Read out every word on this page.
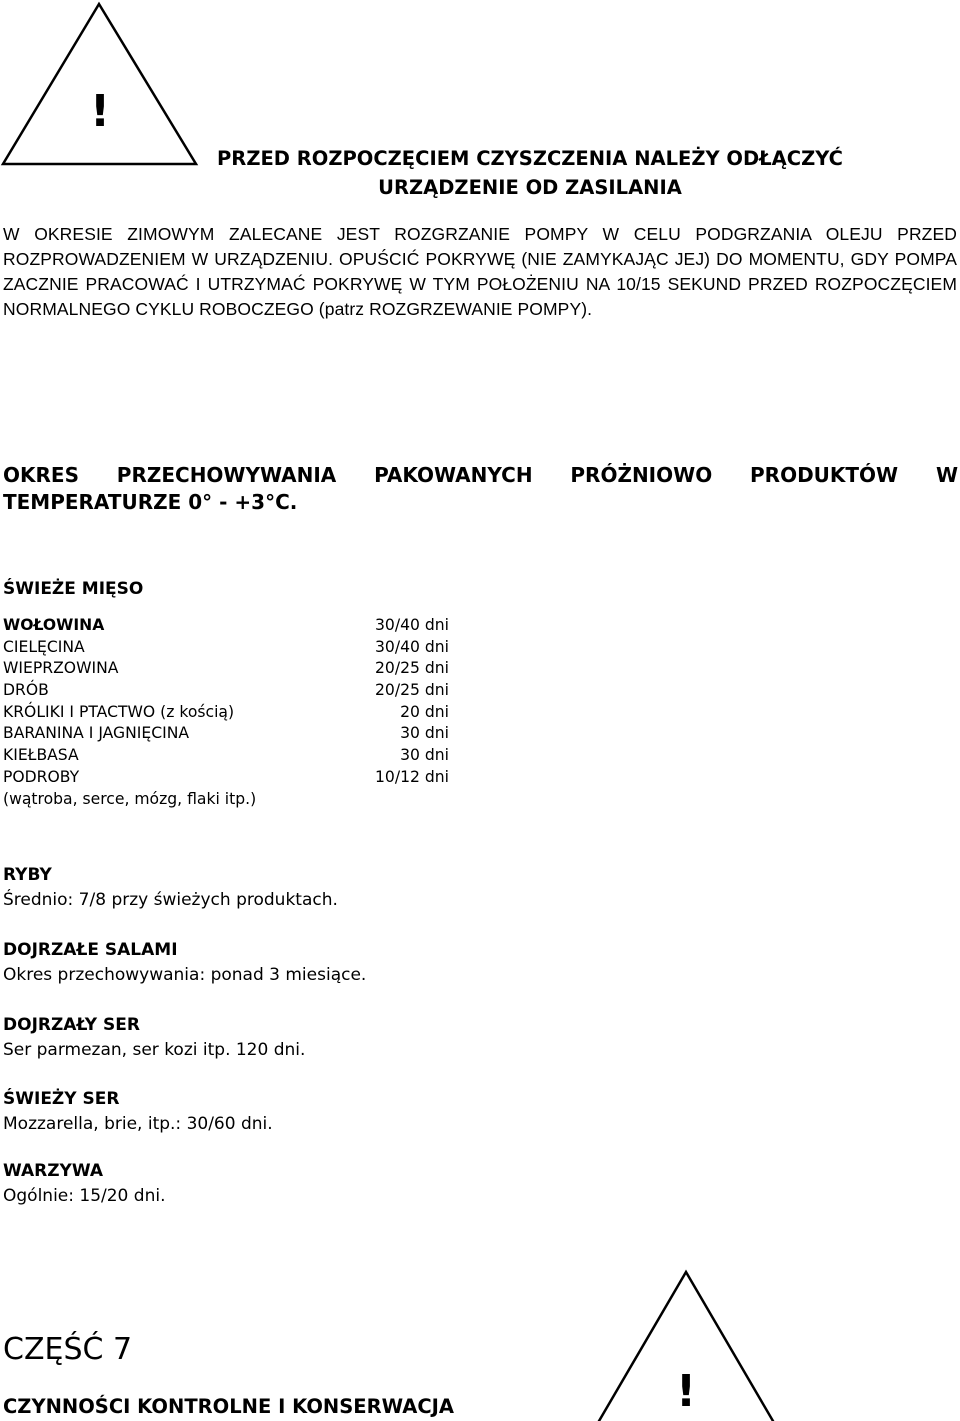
!
PRZED ROZPOCZĘCIEM CZYSZCZENIA NALEŻY ODŁĄCZYĆ
URZĄDZENIE OD ZASILANIA
W OKRESIE ZIMOWYM ZALECANE JEST ROZGRZANIE POMPY W CELU PODGRZANIA OLEJU PRZED ROZPROWADZENIEM W URZĄDZENIU. OPUŚCIĆ POKRYWĘ (NIE ZAMYKAJĄC JEJ) DO MOMENTU, GDY POMPA ZACZNIE PRACOWAĆ I UTRZYMAĆ POKRYWĘ W TYM POŁOŻENIU NA 10/15 SEKUND PRZED ROZPOCZĘCIEM NORMALNEGO CYKLU ROBOCZEGO (patrz ROZGRZEWANIE POMPY).
OKRES PRZECHOWYWANIA PAKOWANYCH PRÓŻNIOWO PRODUKTÓW W
TEMPERATURZE 0° - +3°C.
ŚWIEŻE MIĘSO
WOŁOWINA	30/40 dni
CIELĘCINA	30/40 dni
WIEPRZOWINA	20/25 dni
DRÓB	20/25 dni
KRÓLIKI I PTACTWO (z kością)	20 dni
BARANINA I JAGNIĘCINA	30 dni
KIEŁBASA	30 dni
PODROBY	10/12 dni
(wątroba, serce, mózg, flaki itp.)
RYBY
Średnio: 7/8 przy świeżych produktach.
DOJRZAŁE SALAMI
Okres przechowywania: ponad 3 miesiące.
DOJRZAŁY SER
Ser parmezan, ser kozi itp. 120 dni.
ŚWIEŻY SER
Mozzarella, brie, itp.: 30/60 dni.
WARZYWA
Ogólnie: 15/20 dni.
CZĘŚĆ 7
CZYNNOŚCI KONTROLNE I KONSERWACJA	!
